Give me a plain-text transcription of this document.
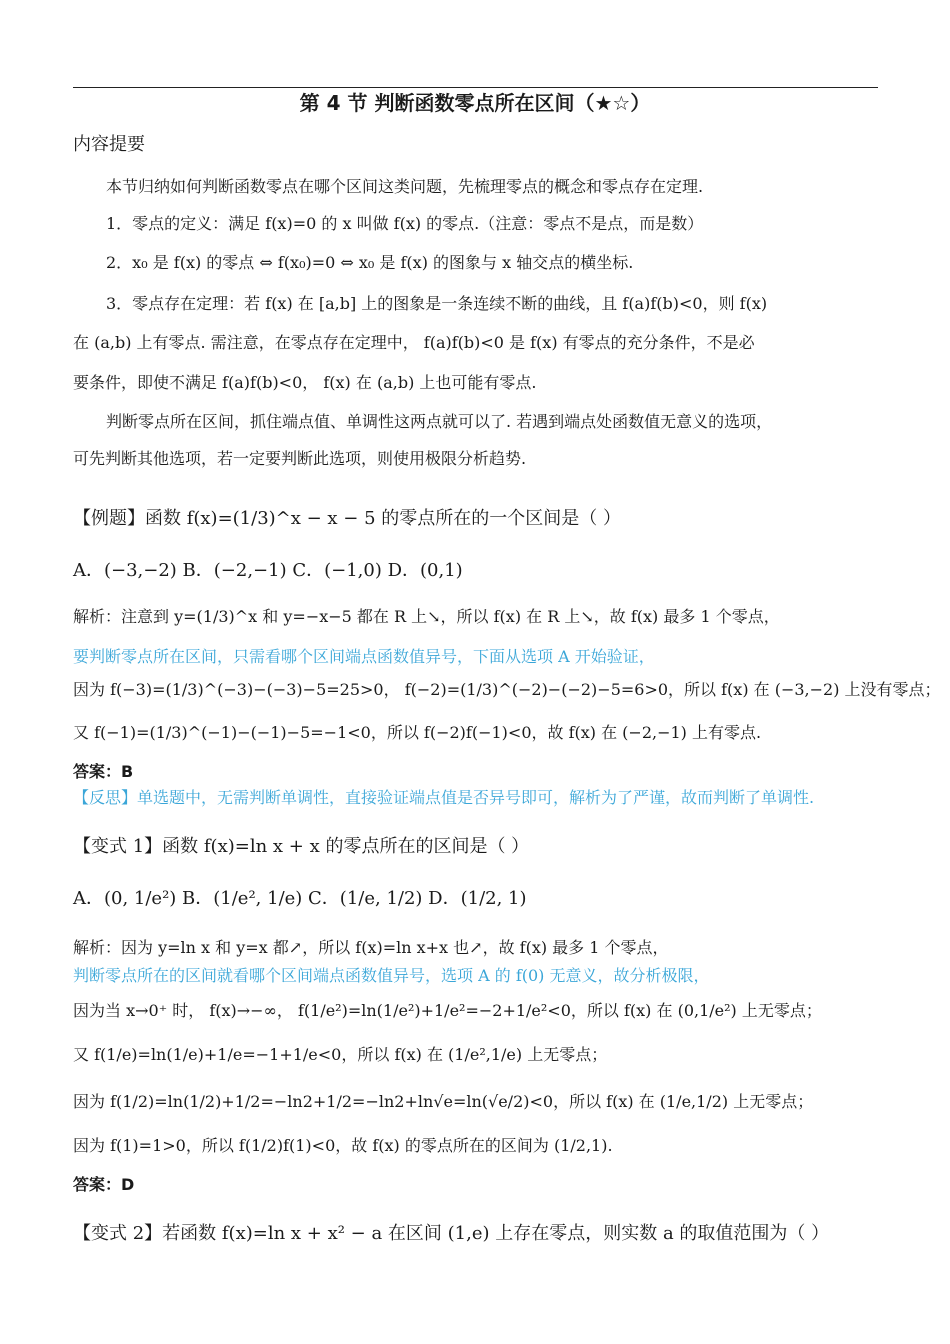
第 4 节 判断函数零点所在区间（★☆）
内容提要
本节归纳如何判断函数零点在哪个区间这类问题，先梳理零点的概念和零点存在定理.
1．零点的定义：满足 f(x)=0 的 x 叫做 f(x) 的零点.（注意：零点不是点，而是数）
2．x₀ 是 f(x) 的零点 ⇔ f(x₀)=0 ⇔ x₀ 是 f(x) 的图象与 x 轴交点的横坐标.
3．零点存在定理：若 f(x) 在 [a,b] 上的图象是一条连续不断的曲线，且 f(a)f(b)<0，则 f(x)
在 (a,b) 上有零点. 需注意，在零点存在定理中， f(a)f(b)<0 是 f(x) 有零点的充分条件，不是必
要条件，即使不满足 f(a)f(b)<0， f(x) 在 (a,b) 上也可能有零点.
判断零点所在区间，抓住端点值、单调性这两点就可以了. 若遇到端点处函数值无意义的选项，
可先判断其他选项，若一定要判断此选项，则使用极限分析趋势.
【例题】函数 f(x)=(1/3)^x − x − 5 的零点所在的一个区间是（ ）
A．(−3,−2) B．(−2,−1) C．(−1,0) D．(0,1)
解析：注意到 y=(1/3)^x 和 y=−x−5 都在 R 上↘，所以 f(x) 在 R 上↘，故 f(x) 最多 1 个零点，
要判断零点所在区间，只需看哪个区间端点函数值异号，下面从选项 A 开始验证，
因为 f(−3)=(1/3)^(−3)−(−3)−5=25>0， f(−2)=(1/3)^(−2)−(−2)−5=6>0，所以 f(x) 在 (−3,−2) 上没有零点；
又 f(−1)=(1/3)^(−1)−(−1)−5=−1<0，所以 f(−2)f(−1)<0，故 f(x) 在 (−2,−1) 上有零点.
答案：B
【反思】单选题中，无需判断单调性，直接验证端点值是否异号即可，解析为了严谨，故而判断了单调性.
【变式 1】函数 f(x)=ln x + x 的零点所在的区间是（ ）
A．(0, 1/e²) B．(1/e², 1/e) C．(1/e, 1/2) D．(1/2, 1)
解析：因为 y=ln x 和 y=x 都↗，所以 f(x)=ln x+x 也↗，故 f(x) 最多 1 个零点，
判断零点所在的区间就看哪个区间端点函数值异号，选项 A 的 f(0) 无意义，故分析极限，
因为当 x→0⁺ 时， f(x)→−∞， f(1/e²)=ln(1/e²)+1/e²=−2+1/e²<0，所以 f(x) 在 (0,1/e²) 上无零点；
又 f(1/e)=ln(1/e)+1/e=−1+1/e<0，所以 f(x) 在 (1/e²,1/e) 上无零点；
因为 f(1/2)=ln(1/2)+1/2=−ln2+1/2=−ln2+ln√e=ln(√e/2)<0，所以 f(x) 在 (1/e,1/2) 上无零点；
因为 f(1)=1>0，所以 f(1/2)f(1)<0，故 f(x) 的零点所在的区间为 (1/2,1).
答案：D
【变式 2】若函数 f(x)=ln x + x² − a 在区间 (1,e) 上存在零点，则实数 a 的取值范围为（ ）
